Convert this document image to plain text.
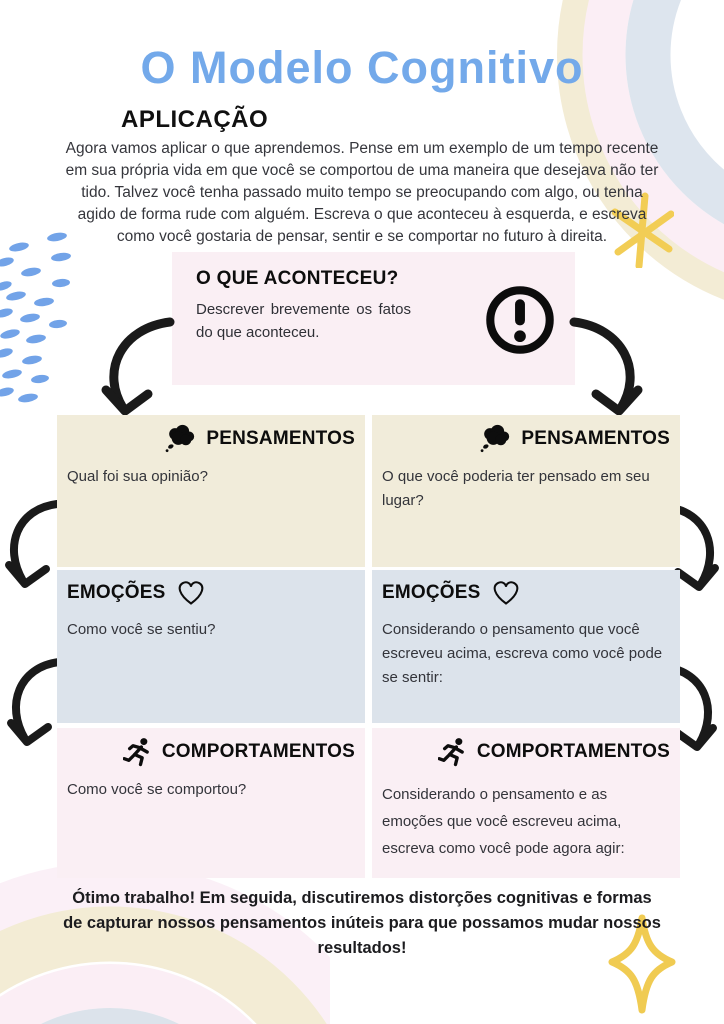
O Modelo Cognitivo
APLICAÇÃO
Agora vamos aplicar o que aprendemos. Pense em um exemplo de um tempo recente em sua própria vida em que você se comportou de uma maneira que desejava não ter tido. Talvez você tenha passado muito tempo se preocupando com algo, ou tenha agido de forma rude com alguém. Escreva o que aconteceu à esquerda, e escreva como você gostaria de pensar, sentir e se comportar no futuro à direita.
O QUE ACONTECEU?
Descrever brevemente os fatos do que aconteceu.
PENSAMENTOS
Qual foi sua opinião?
EMOÇÕES
Como você se sentiu?
COMPORTAMENTOS
Como você se comportou?
PENSAMENTOS
O que você poderia ter pensado em seu lugar?
EMOÇÕES
Considerando o pensamento que você escreveu acima, escreva como você pode se sentir:
COMPORTAMENTOS
Considerando o pensamento e as emoções que você escreveu acima, escreva como você pode agora agir:
Ótimo trabalho! Em seguida, discutiremos distorções cognitivas e formas de capturar nossos pensamentos inúteis para que possamos mudar nossos resultados!
